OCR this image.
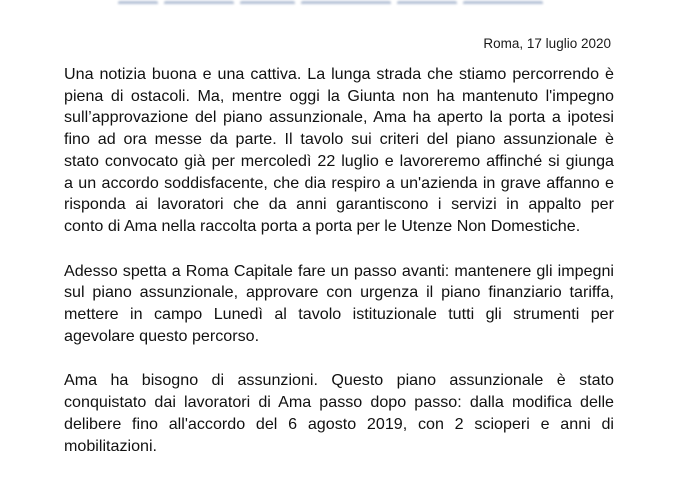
Roma, 17 luglio 2020

Una notizia buona e una cattiva. La lunga strada che stiamo percorrendo è
piena di ostacoli. Ma, mentre oggi la Giunta non ha mantenuto l'impegno
sull’approvazione del piano assunzionale, Ama ha aperto la porta a ipotesi
fino ad ora messe da parte. Il tavolo sui criteri del piano assunzionale è
stato convocato già per mercoledì 22 luglio e lavoreremo affinché si giunga
a un accordo soddisfacente, che dia respiro a un'azienda in grave affanno e
risponda ai lavoratori che da anni garantiscono i servizi in appalto per
conto di Ama nella raccolta porta a porta per le Utenze Non Domestiche.

Adesso spetta a Roma Capitale fare un passo avanti: mantenere gli impegni
sul piano assunzionale, approvare con urgenza il piano finanziario tariffa,
mettere in campo Lunedì al tavolo istituzionale tutti gli strumenti per
agevolare questo percorso.

Ama ha bisogno di assunzioni. Questo piano assunzionale è stato
conquistato dai lavoratori di Ama passo dopo passo: dalla modifica delle
delibere fino all'accordo del 6 agosto 2019, con 2 scioperi e anni di
mobilitazioni.
